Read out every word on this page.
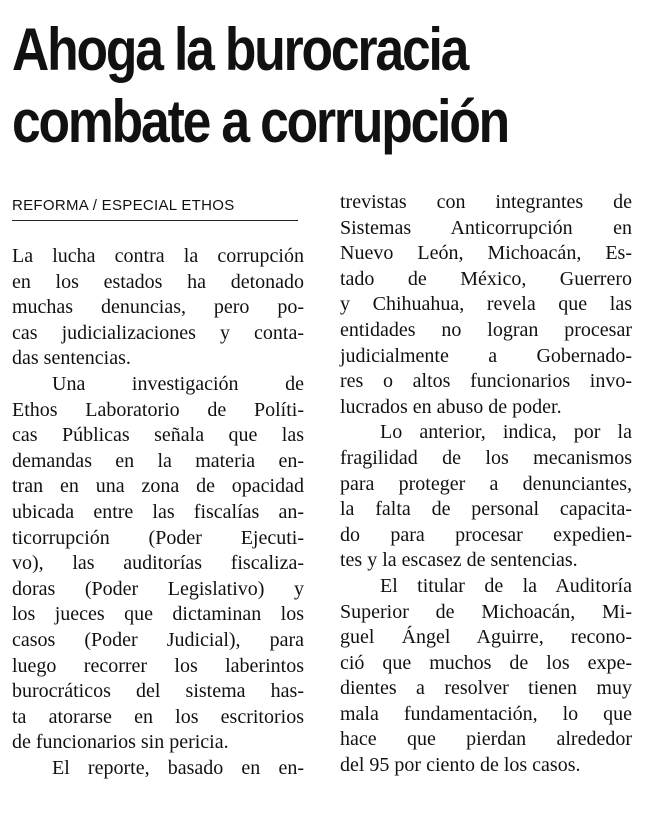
Ahoga la burocracia
combate a corrupción
REFORMA / ESPECIAL ETHOS
La lucha contra la corrupción
en los estados ha detonado
muchas denuncias, pero po-
cas judicializaciones y conta-
das sentencias.
Una investigación de
Ethos Laboratorio de Políti-
cas Públicas señala que las
demandas en la materia en-
tran en una zona de opacidad
ubicada entre las fiscalías an-
ticorrupción (Poder Ejecuti-
vo), las auditorías fiscaliza-
doras (Poder Legislativo) y
los jueces que dictaminan los
casos (Poder Judicial), para
luego recorrer los laberintos
burocráticos del sistema has-
ta atorarse en los escritorios
de funcionarios sin pericia.
El reporte, basado en en-
trevistas con integrantes de
Sistemas Anticorrupción en
Nuevo León, Michoacán, Es-
tado de México, Guerrero
y Chihuahua, revela que las
entidades no logran procesar
judicialmente a Gobernado-
res o altos funcionarios invo-
lucrados en abuso de poder.
Lo anterior, indica, por la
fragilidad de los mecanismos
para proteger a denunciantes,
la falta de personal capacita-
do para procesar expedien-
tes y la escasez de sentencias.
El titular de la Auditoría
Superior de Michoacán, Mi-
guel Ángel Aguirre, recono-
ció que muchos de los expe-
dientes a resolver tienen muy
mala fundamentación, lo que
hace que pierdan alrededor
del 95 por ciento de los casos.
